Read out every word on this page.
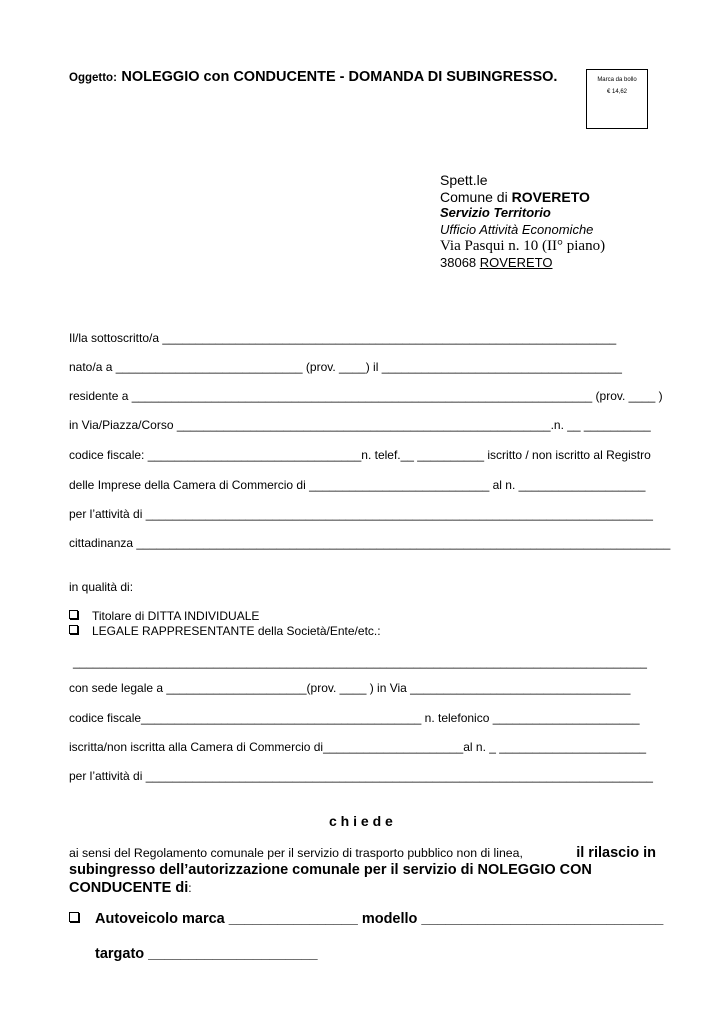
Oggetto: NOLEGGIO con CONDUCENTE - DOMANDA DI SUBINGRESSO.	Marca da bollo
€ 14,62
Spett.le
Comune di ROVERETO
Servizio Territorio
Ufficio Attività Economiche
Via Pasqui n. 10 (II° piano)
38068 ROVERETO
Il/la sottoscritto/a ____________________________________________________________________
nato/a a ____________________________ (prov. ____) il ____________________________________
residente a _____________________________________________________________________ (prov. ____ )
in Via/Piazza/Corso ________________________________________________________.n. __ __________
codice fiscale: ________________________________n. telef.__ __________ iscritto / non iscritto al Registro
delle Imprese della Camera di Commercio di ___________________________ al n. ___________________
per l’attività di ____________________________________________________________________________
cittadinanza ________________________________________________________________________________
in qualità di:
Titolare di DITTA INDIVIDUALE
LEGALE RAPPRESENTANTE della Società/Ente/etc.:
______________________________________________________________________________________
con sede legale a _____________________(prov. ____ ) in Via _________________________________
codice fiscale__________________________________________ n. telefonico ______________________
iscritta/non iscritta alla Camera di Commercio di_____________________al n. _ ______________________
per l’attività di ____________________________________________________________________________
c h i e d e
ai sensi del Regolamento comunale per il servizio di trasporto pubblico non di linea,	il rilascio in
subingresso dell’autorizzazione comunale per il servizio di NOLEGGIO CON
CONDUCENTE di:
Autoveicolo marca ________________ modello ______________________________
targato _____________________
